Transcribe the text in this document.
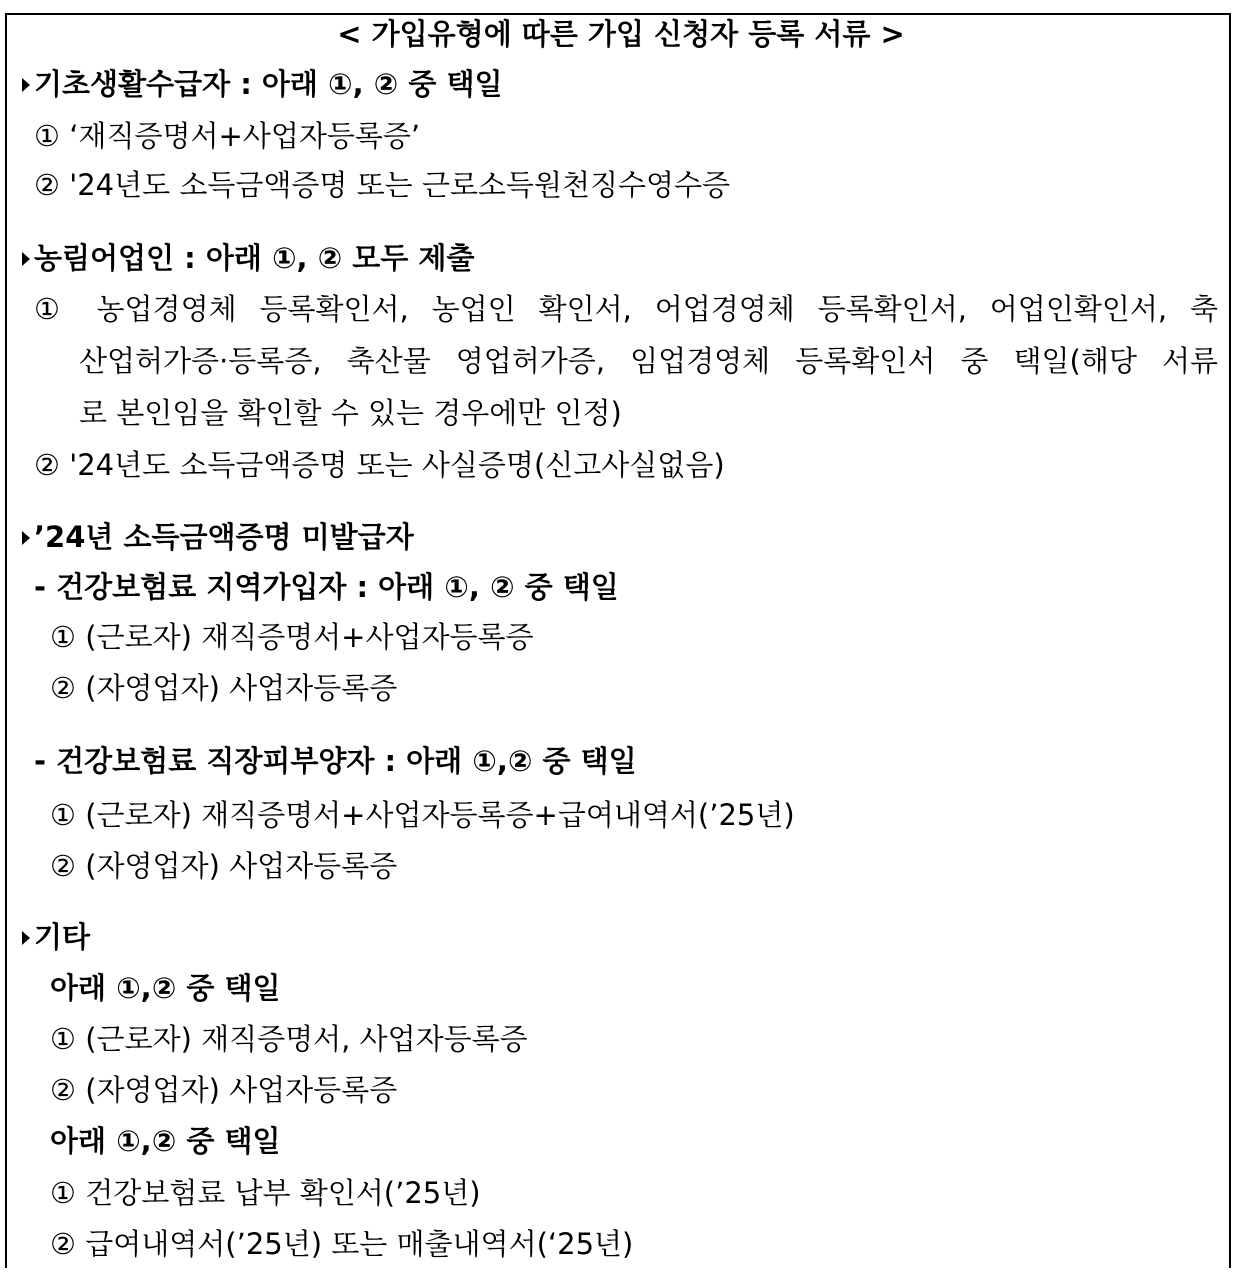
< 가입유형에 따른 가입 신청자 등록 서류 >
기초생활수급자 : 아래 ①, ② 중 택일
① ‘재직증명서+사업자등록증’
② '24년도 소득금액증명 또는 근로소득원천징수영수증
농림어업인 : 아래 ①, ② 모두 제출
① 농업경영체 등록확인서, 농업인 확인서, 어업경영체 등록확인서, 어업인확인서, 축
산업허가증·등록증, 축산물 영업허가증, 임업경영체 등록확인서 중 택일(해당 서류
로 본인임을 확인할 수 있는 경우에만 인정)
② '24년도 소득금액증명 또는 사실증명(신고사실없음)
’24년 소득금액증명 미발급자
- 건강보험료 지역가입자 : 아래 ①, ② 중 택일
① (근로자) 재직증명서+사업자등록증
② (자영업자) 사업자등록증
- 건강보험료 직장피부양자 : 아래 ①,② 중 택일
① (근로자) 재직증명서+사업자등록증+급여내역서(’25년)
② (자영업자) 사업자등록증
기타
아래 ①,② 중 택일
① (근로자) 재직증명서, 사업자등록증
② (자영업자) 사업자등록증
아래 ①,② 중 택일
① 건강보험료 납부 확인서(’25년)
② 급여내역서(’25년) 또는 매출내역서(‘25년)
